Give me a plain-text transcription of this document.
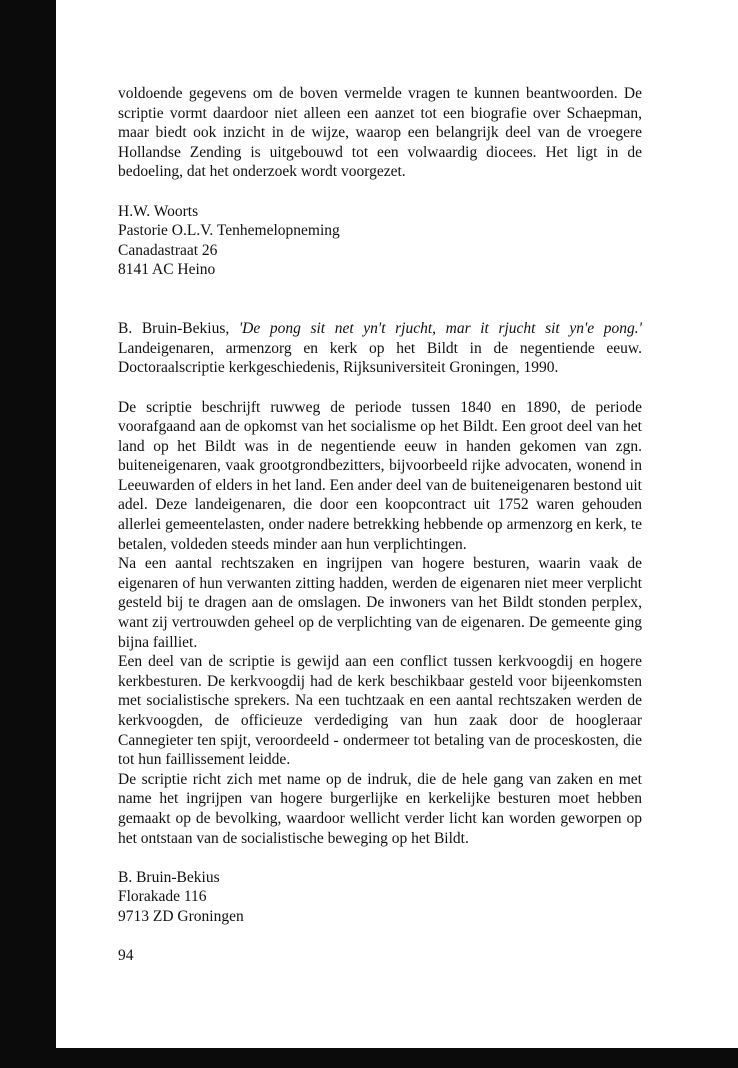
voldoende gegevens om de boven vermelde vragen te kunnen beantwoorden. De scriptie vormt daardoor niet alleen een aanzet tot een biografie over Schaepman, maar biedt ook inzicht in de wijze, waarop een belangrijk deel van de vroegere Hollandse Zending is uitgebouwd tot een volwaardig diocees. Het ligt in de bedoeling, dat het onderzoek wordt voorgezet.

H.W. Woorts

Pastorie O.L.V. Tenhemelopneming

Canadastraat 26

8141 AC Heino

B. Bruin-Bekius, 'De pong sit net yn't rjucht, mar it rjucht sit yn'e pong.' Landeigenaren, armenzorg en kerk op het Bildt in de negentiende eeuw. Doctoraalscriptie kerkgeschiedenis, Rijksuniversiteit Groningen, 1990.

De scriptie beschrijft ruwweg de periode tussen 1840 en 1890, de periode voorafgaand aan de opkomst van het socialisme op het Bildt. Een groot deel van het land op het Bildt was in de negentiende eeuw in handen gekomen van zgn. buiteneigenaren, vaak grootgrondbezitters, bijvoorbeeld rijke advocaten, wonend in Leeuwarden of elders in het land. Een ander deel van de buiteneigenaren bestond uit adel. Deze landeigenaren, die door een koopcontract uit 1752 waren gehouden allerlei gemeentelasten, onder nadere betrekking hebbende op armenzorg en kerk, te betalen, voldeden steeds minder aan hun verplichtingen.

Na een aantal rechtszaken en ingrijpen van hogere besturen, waarin vaak de eigenaren of hun verwanten zitting hadden, werden de eigenaren niet meer verplicht gesteld bij te dragen aan de omslagen. De inwoners van het Bildt stonden perplex, want zij vertrouwden geheel op de verplichting van de eigenaren. De gemeente ging bijna failliet.

Een deel van de scriptie is gewijd aan een conflict tussen kerkvoogdij en hogere kerkbesturen. De kerkvoogdij had de kerk beschikbaar gesteld voor bijeenkomsten met socialistische sprekers. Na een tuchtzaak en een aantal rechtszaken werden de kerkvoogden, de officieuze verdediging van hun zaak door de hoogleraar Cannegieter ten spijt, veroordeeld - ondermeer tot betaling van de proceskosten, die tot hun faillissement leidde.

De scriptie richt zich met name op de indruk, die de hele gang van zaken en met name het ingrijpen van hogere burgerlijke en kerkelijke besturen moet hebben gemaakt op de bevolking, waardoor wellicht verder licht kan worden geworpen op het ontstaan van de socialistische beweging op het Bildt.

B. Bruin-Bekius

Florakade 116

9713 ZD Groningen

94
